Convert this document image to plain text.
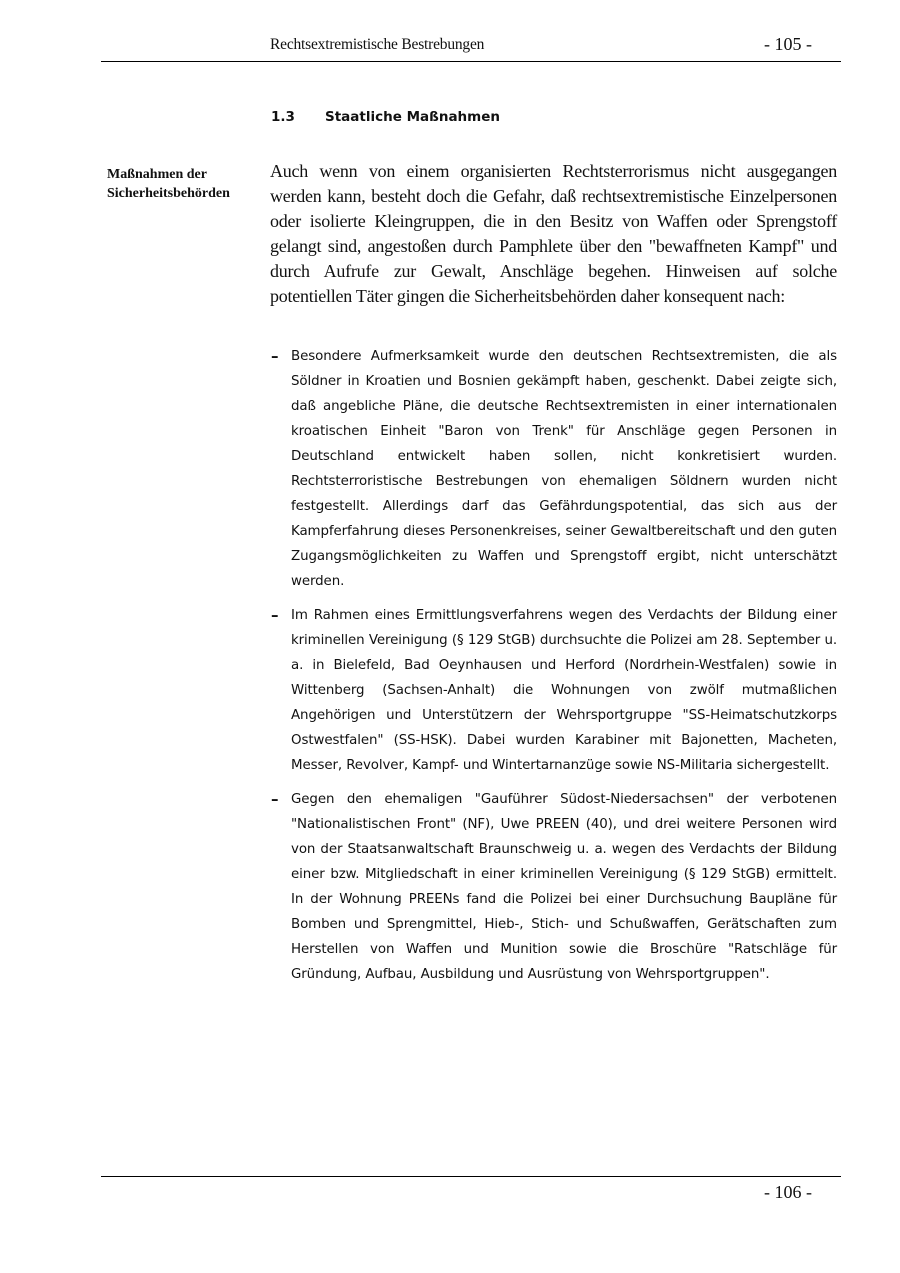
Rechtsextremistische Bestrebungen	- 105 -
1.3 Staatliche Maßnahmen
Maßnahmen der
Sicherheitsbehörden
Auch wenn von einem organisierten Rechtsterrorismus nicht ausgegangen werden kann, besteht doch die Gefahr, daß rechtsextremistische Einzelpersonen oder isolierte Kleingruppen, die in den Besitz von Waffen oder Sprengstoff gelangt sind, angestoßen durch Pamphlete über den "bewaffneten Kampf" und durch Aufrufe zur Gewalt, Anschläge begehen. Hinweisen auf solche potentiellen Täter gingen die Sicherheitsbehörden daher konsequent nach:
– Besondere Aufmerksamkeit wurde den deutschen Rechtsextremisten, die als Söldner in Kroatien und Bosnien gekämpft haben, geschenkt. Dabei zeigte sich, daß angebliche Pläne, die deutsche Rechtsextremisten in einer internationalen kroatischen Einheit "Baron von Trenk" für Anschläge gegen Personen in Deutschland entwickelt haben sollen, nicht konkretisiert wurden. Rechtsterroristische Bestrebungen von ehemaligen Söldnern wurden nicht festgestellt. Allerdings darf das Gefährdungspotential, das sich aus der Kampferfahrung dieses Personenkreises, seiner Gewaltbereitschaft und den guten Zugangsmöglichkeiten zu Waffen und Sprengstoff ergibt, nicht unterschätzt werden.
– Im Rahmen eines Ermittlungsverfahrens wegen des Verdachts der Bildung einer kriminellen Vereinigung (§ 129 StGB) durchsuchte die Polizei am 28. September u. a. in Bielefeld, Bad Oeynhausen und Herford (Nordrhein-Westfalen) sowie in Wittenberg (Sachsen-Anhalt) die Wohnungen von zwölf mutmaßlichen Angehörigen und Unterstützern der Wehrsportgruppe "SS-Heimatschutzkorps Ostwestfalen" (SS-HSK). Dabei wurden Karabiner mit Bajonetten, Macheten, Messer, Revolver, Kampf- und Wintertarnanzüge sowie NS-Militaria sichergestellt.
– Gegen den ehemaligen "Gauführer Südost-Niedersachsen" der verbotenen "Nationalistischen Front" (NF), Uwe PREEN (40), und drei weitere Personen wird von der Staatsanwaltschaft Braunschweig u. a. wegen des Verdachts der Bildung einer bzw. Mitgliedschaft in einer kriminellen Vereinigung (§ 129 StGB) ermittelt. In der Wohnung PREENs fand die Polizei bei einer Durchsuchung Baupläne für Bomben und Sprengmittel, Hieb-, Stich- und Schußwaffen, Gerätschaften zum Herstellen von Waffen und Munition sowie die Broschüre "Ratschläge für Gründung, Aufbau, Ausbildung und Ausrüstung von Wehrsportgruppen".
- 106 -
